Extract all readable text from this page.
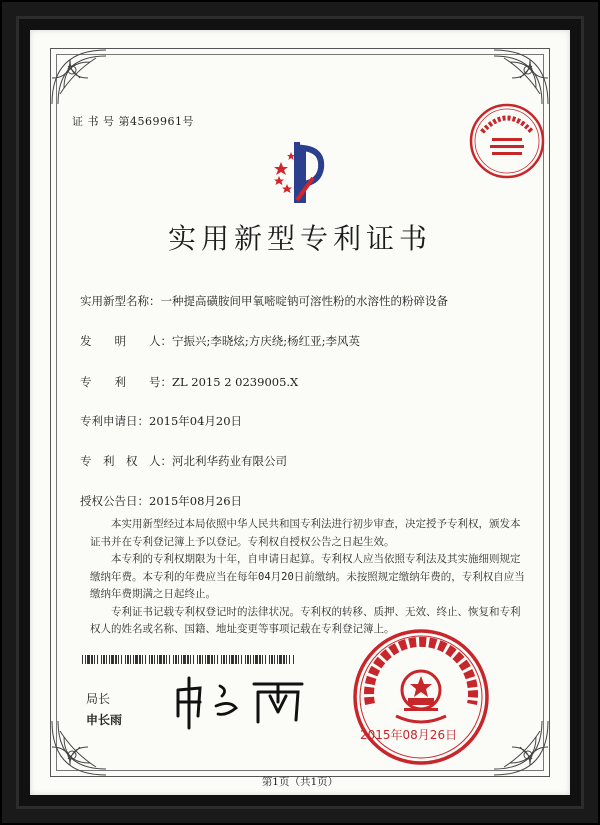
证 书 号 第4569961号
实用新型专利证书
实用新型名称：一种提高磺胺间甲氧嘧啶钠可溶性粉的水溶性的粉碎设备
发　　明　　人：宁振兴;李晓炫;方庆绕;杨红亚;李风英
专　　利　　号：ZL 2015 2 0239005.X
专利申请日：2015年04月20日
专　利　权　人：河北利华药业有限公司
授权公告日：2015年08月26日

本实用新型经过本局依照中华人民共和国专利法进行初步审查，决定授予专利权，颁发本证书并在专利登记簿上予以登记。专利权自授权公告之日起生效。

本专利的专利权期限为十年，自申请日起算。专利权人应当依照专利法及其实施细则规定缴纳年费。本专利的年费应当在每年04月20日前缴纳。未按照规定缴纳年费的，专利权自应当缴纳年费期满之日起终止。

专利证书记载专利权登记时的法律状况。专利权的转移、质押、无效、终止、恢复和专利权人的姓名或名称、国籍、地址变更等事项记载在专利登记簿上。

局长
申长雨
2015年08月26日
第1页（共1页）
